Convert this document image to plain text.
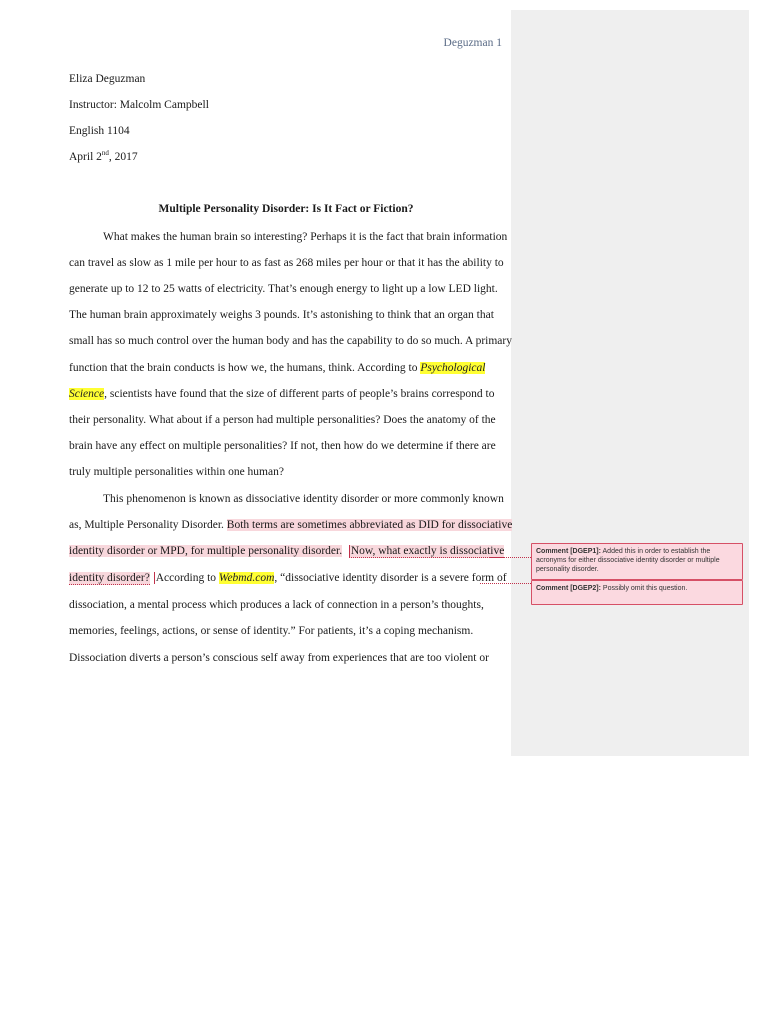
Deguzman 1
Eliza Deguzman
Instructor: Malcolm Campbell
English 1104
April 2nd, 2017
Multiple Personality Disorder: Is It Fact or Fiction?
What makes the human brain so interesting? Perhaps it is the fact that brain information
can travel as slow as 1 mile per hour to as fast as 268 miles per hour or that it has the ability to
generate up to 12 to 25 watts of electricity. That’s enough energy to light up a low LED light.
The human brain approximately weighs 3 pounds. It’s astonishing to think that an organ that
small has so much control over the human body and has the capability to do so much. A primary
function that the brain conducts is how we, the humans, think. According to Psychological
Science, scientists have found that the size of different parts of people’s brains correspond to
their personality. What about if a person had multiple personalities? Does the anatomy of the
brain have any effect on multiple personalities? If not, then how do we determine if there are
truly multiple personalities within one human?
This phenomenon is known as dissociative identity disorder or more commonly known
as, Multiple Personality Disorder. Both terms are sometimes abbreviated as DID for dissociative
identity disorder or MPD, for multiple personality disorder. Now, what exactly is dissociative
identity disorder? According to Webmd.com, “dissociative identity disorder is a severe form of
dissociation, a mental process which produces a lack of connection in a person’s thoughts,
memories, feelings, actions, or sense of identity.” For patients, it’s a coping mechanism.
Dissociation diverts a person’s conscious self away from experiences that are too violent or
Comment [DGEP1]: Added this in order to establish the acronyms for either dissociative identity disorder or multiple personality disorder.
Comment [DGEP2]: Possibly omit this question.
